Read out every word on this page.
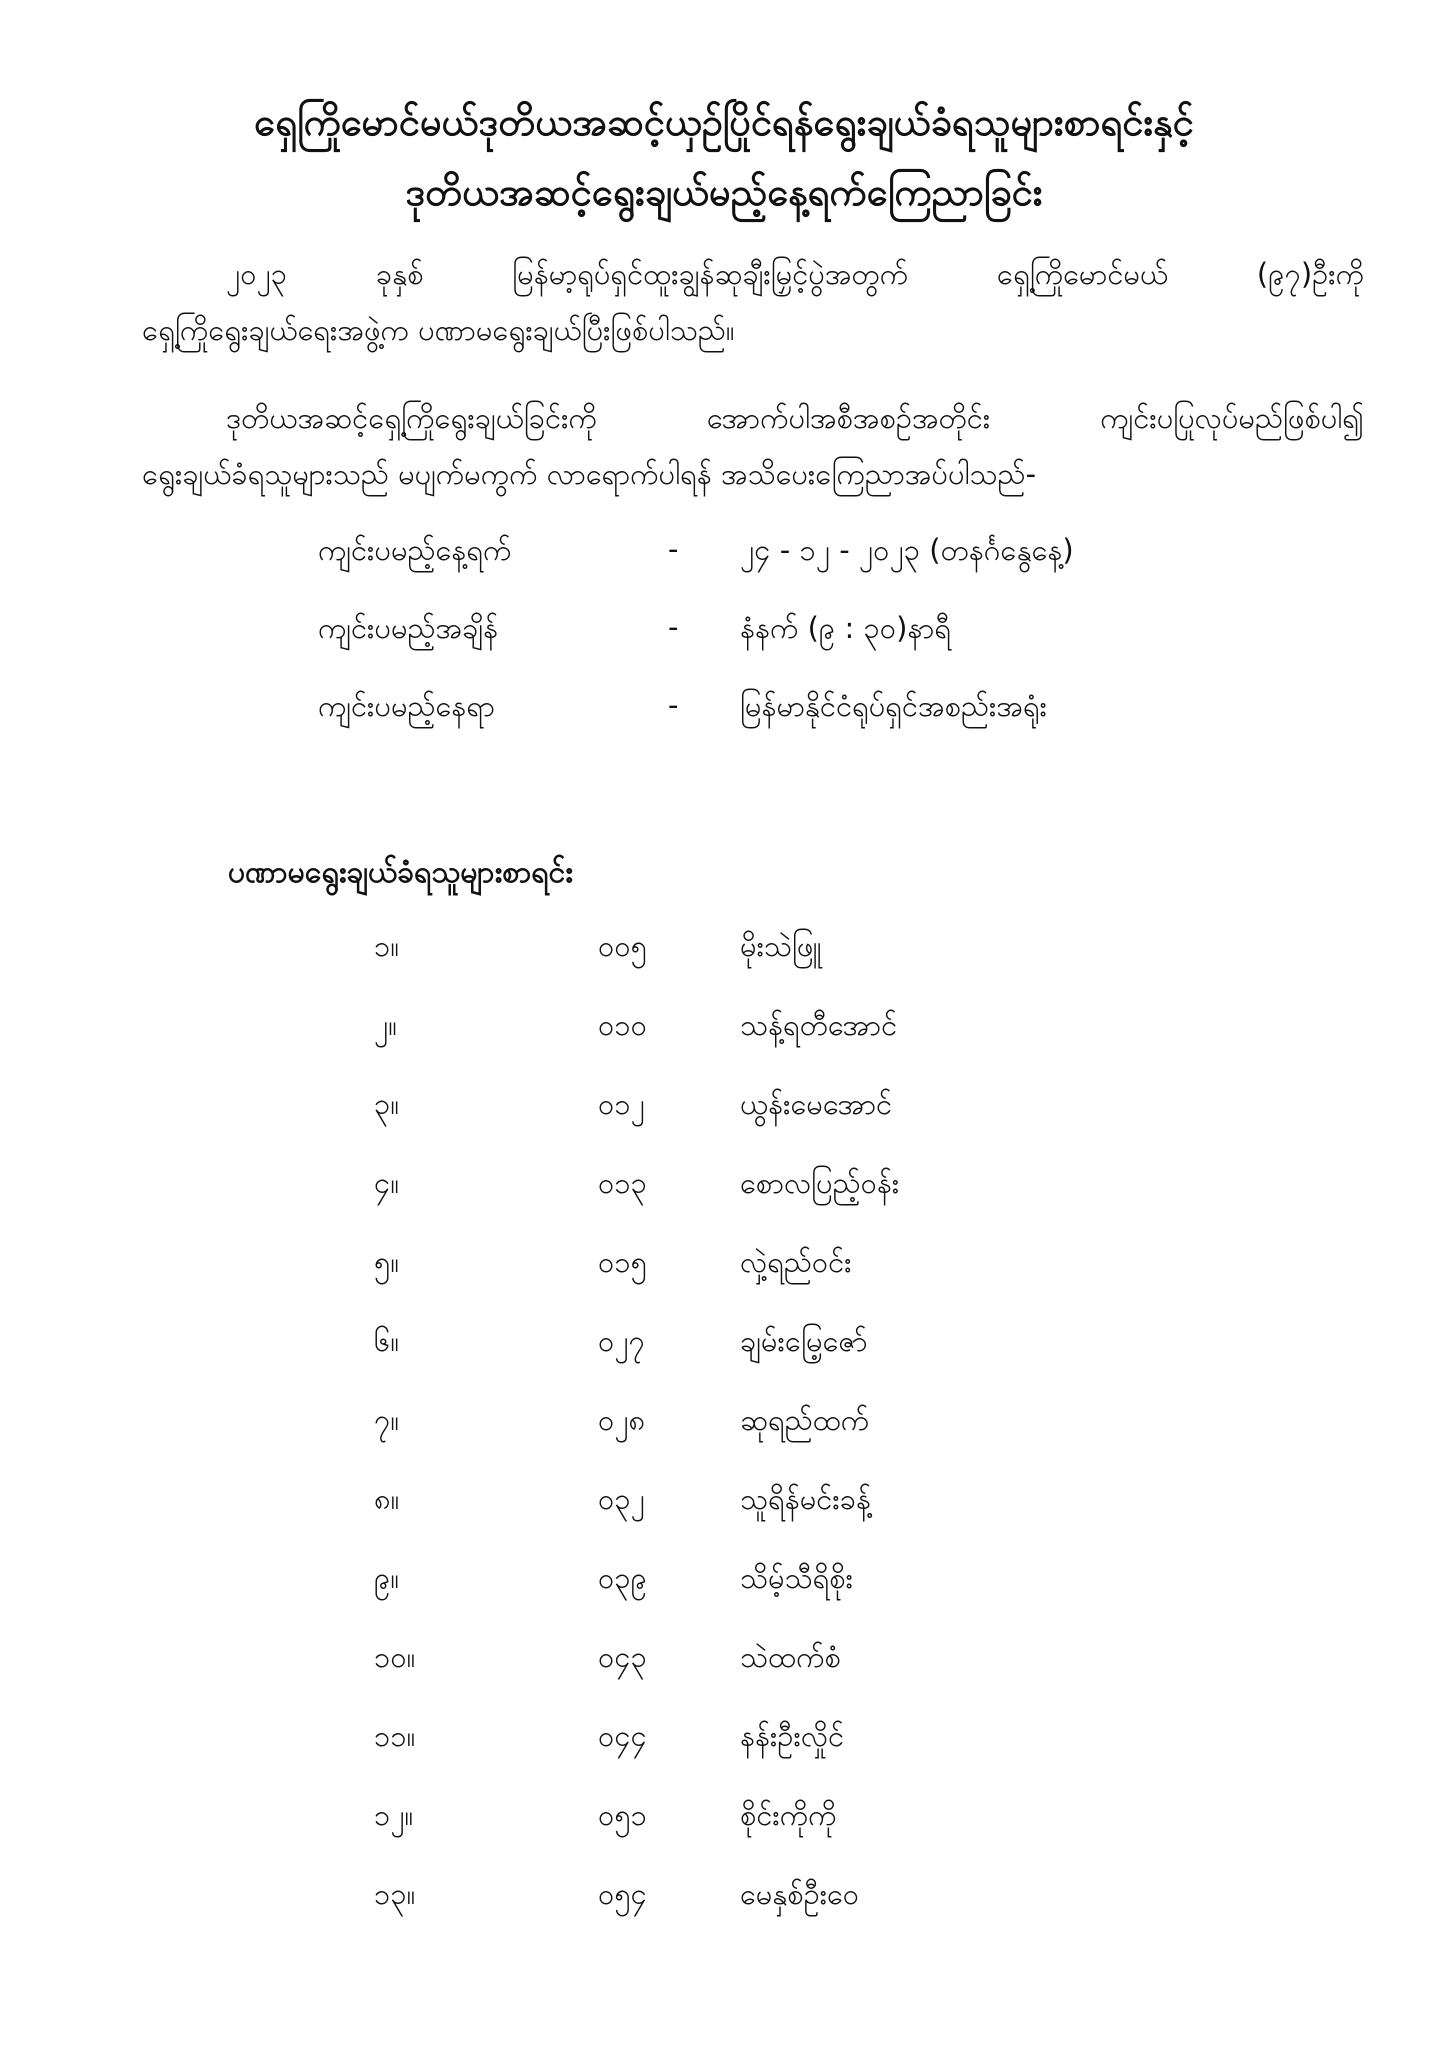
ရှေကြိုမောင်မယ်ဒုတိယအဆင့်ယှဉ်ပြိုင်ရန်ရွေးချယ်ခံရသူများစာရင်းနှင့်
ဒုတိယအဆင့်ရွေးချယ်မည့်နေ့ရက်ကြေညာခြင်း
၂၀၂၃ ခုနှစ် မြန်မာ့ရုပ်ရှင်ထူးချွန်ဆုချီးမြှင့်ပွဲအတွက် ရှေ့ကြိုမောင်မယ် (၉၇)ဦးကို
ရှေ့ကြိုရွေးချယ်ရေးအဖွဲ့က ပဏာမရွေးချယ်ပြီးဖြစ်ပါသည်။
ဒုတိယအဆင့်ရှေ့ကြိုရွေးချယ်ခြင်းကို အောက်ပါအစီအစဉ်အတိုင်း ကျင်းပပြုလုပ်မည်ဖြစ်ပါ၍
ရွေးချယ်ခံရသူများသည် မပျက်မကွက် လာရောက်ပါရန် အသိပေးကြေညာအပ်ပါသည်-
ကျင်းပမည့်နေ့ရက်	- ၂၄ - ၁၂ - ၂၀၂၃ (တနင်္ဂနွေနေ့)
ကျင်းပမည့်အချိန်	- နံနက် (၉ : ၃၀)နာရီ
ကျင်းပမည့်နေရာ	- မြန်မာနိုင်ငံရုပ်ရှင်အစည်းအရုံး
ပဏာမရွေးချယ်ခံရသူများစာရင်း
၁။	၀၀၅	မိုးသဲဖြူ
၂။	၀၁၀	သန့်ရတီအောင်
၃။	၀၁၂	ယွန်းမေအောင်
၄။	၀၁၃	စောလပြည့်ဝန်း
၅။	၀၁၅	လှဲ့ရည်ဝင်း
၆။	၀၂၇	ချမ်းမြေ့ဇော်
၇။	၀၂၈	ဆုရည်ထက်
၈။	၀၃၂	သူရိန်မင်းခန့်
၉။	၀၃၉	သိမ့်သီရိစိုး
၁၀။	၀၄၃	သဲထက်စံ
၁၁။	၀၄၄	နန်းဦးလှိုင်
၁၂။	၀၅၁	စိုင်းကိုကို
၁၃။	၀၅၄	မေနှစ်ဦးဝေ
